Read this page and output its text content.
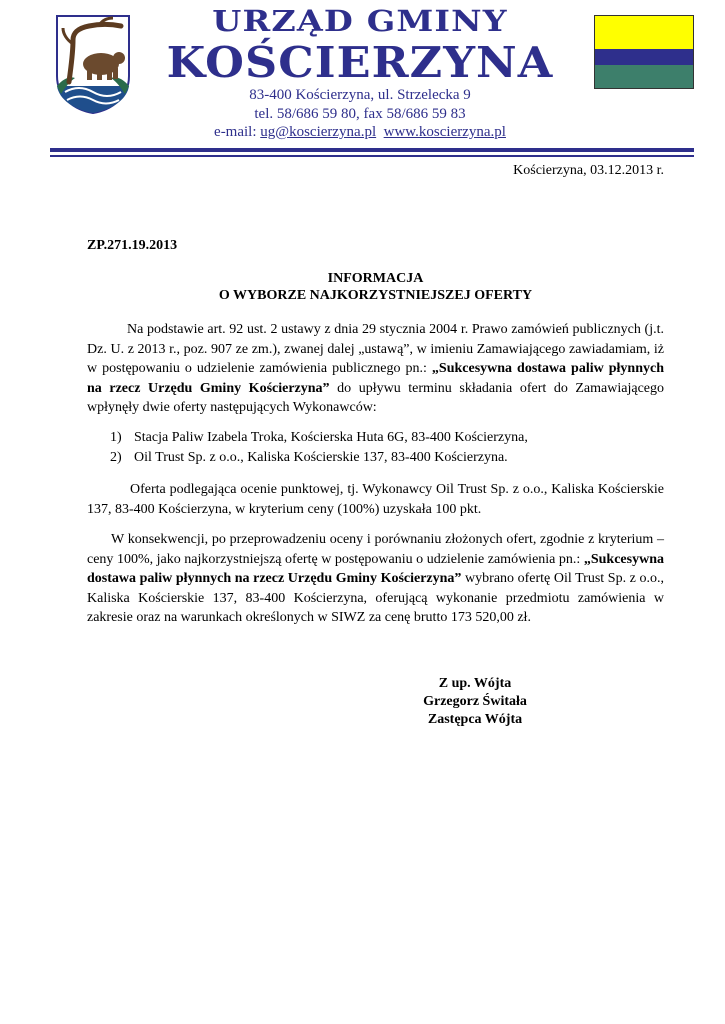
URZĄD GMINY
KOŚCIERZYNA
83-400 Kościerzyna, ul. Strzelecka 9
tel. 58/686 59 80, fax 58/686 59 83
e-mail: ug@koscierzyna.pl www.koscierzyna.pl
Kościerzyna, 03.12.2013 r.
ZP.271.19.2013
INFORMACJA
O WYBORZE NAJKORZYSTNIEJSZEJ OFERTY
Na podstawie art. 92 ust. 2 ustawy z dnia 29 stycznia 2004 r. Prawo zamówień publicznych (j.t. Dz. U. z 2013 r., poz. 907 ze zm.), zwanej dalej „ustawą”, w imieniu Zamawiającego zawiadamiam, iż w postępowaniu o udzielenie zamówienia publicznego pn.: „Sukcesywna dostawa paliw płynnych na rzecz Urzędu Gminy Kościerzyna” do upływu terminu składania ofert do Zamawiającego wpłynęły dwie oferty następujących Wykonawców:
1) Stacja Paliw Izabela Troka, Kościerska Huta 6G, 83-400 Kościerzyna,
2) Oil Trust Sp. z o.o., Kaliska Kościerskie 137, 83-400 Kościerzyna.
Oferta podlegająca ocenie punktowej, tj. Wykonawcy Oil Trust Sp. z o.o., Kaliska Kościerskie 137, 83-400 Kościerzyna, w kryterium ceny (100%) uzyskała 100 pkt.
W konsekwencji, po przeprowadzeniu oceny i porównaniu złożonych ofert, zgodnie z kryterium – ceny 100%, jako najkorzystniejszą ofertę w postępowaniu o udzielenie zamówienia pn.: „Sukcesywna dostawa paliw płynnych na rzecz Urzędu Gminy Kościerzyna” wybrano ofertę Oil Trust Sp. z o.o., Kaliska Kościerskie 137, 83-400 Kościerzyna, oferującą wykonanie przedmiotu zamówienia w zakresie oraz na warunkach określonych w SIWZ za cenę brutto 173 520,00 zł.
Z up. Wójta
Grzegorz Świtała
Zastępca Wójta
